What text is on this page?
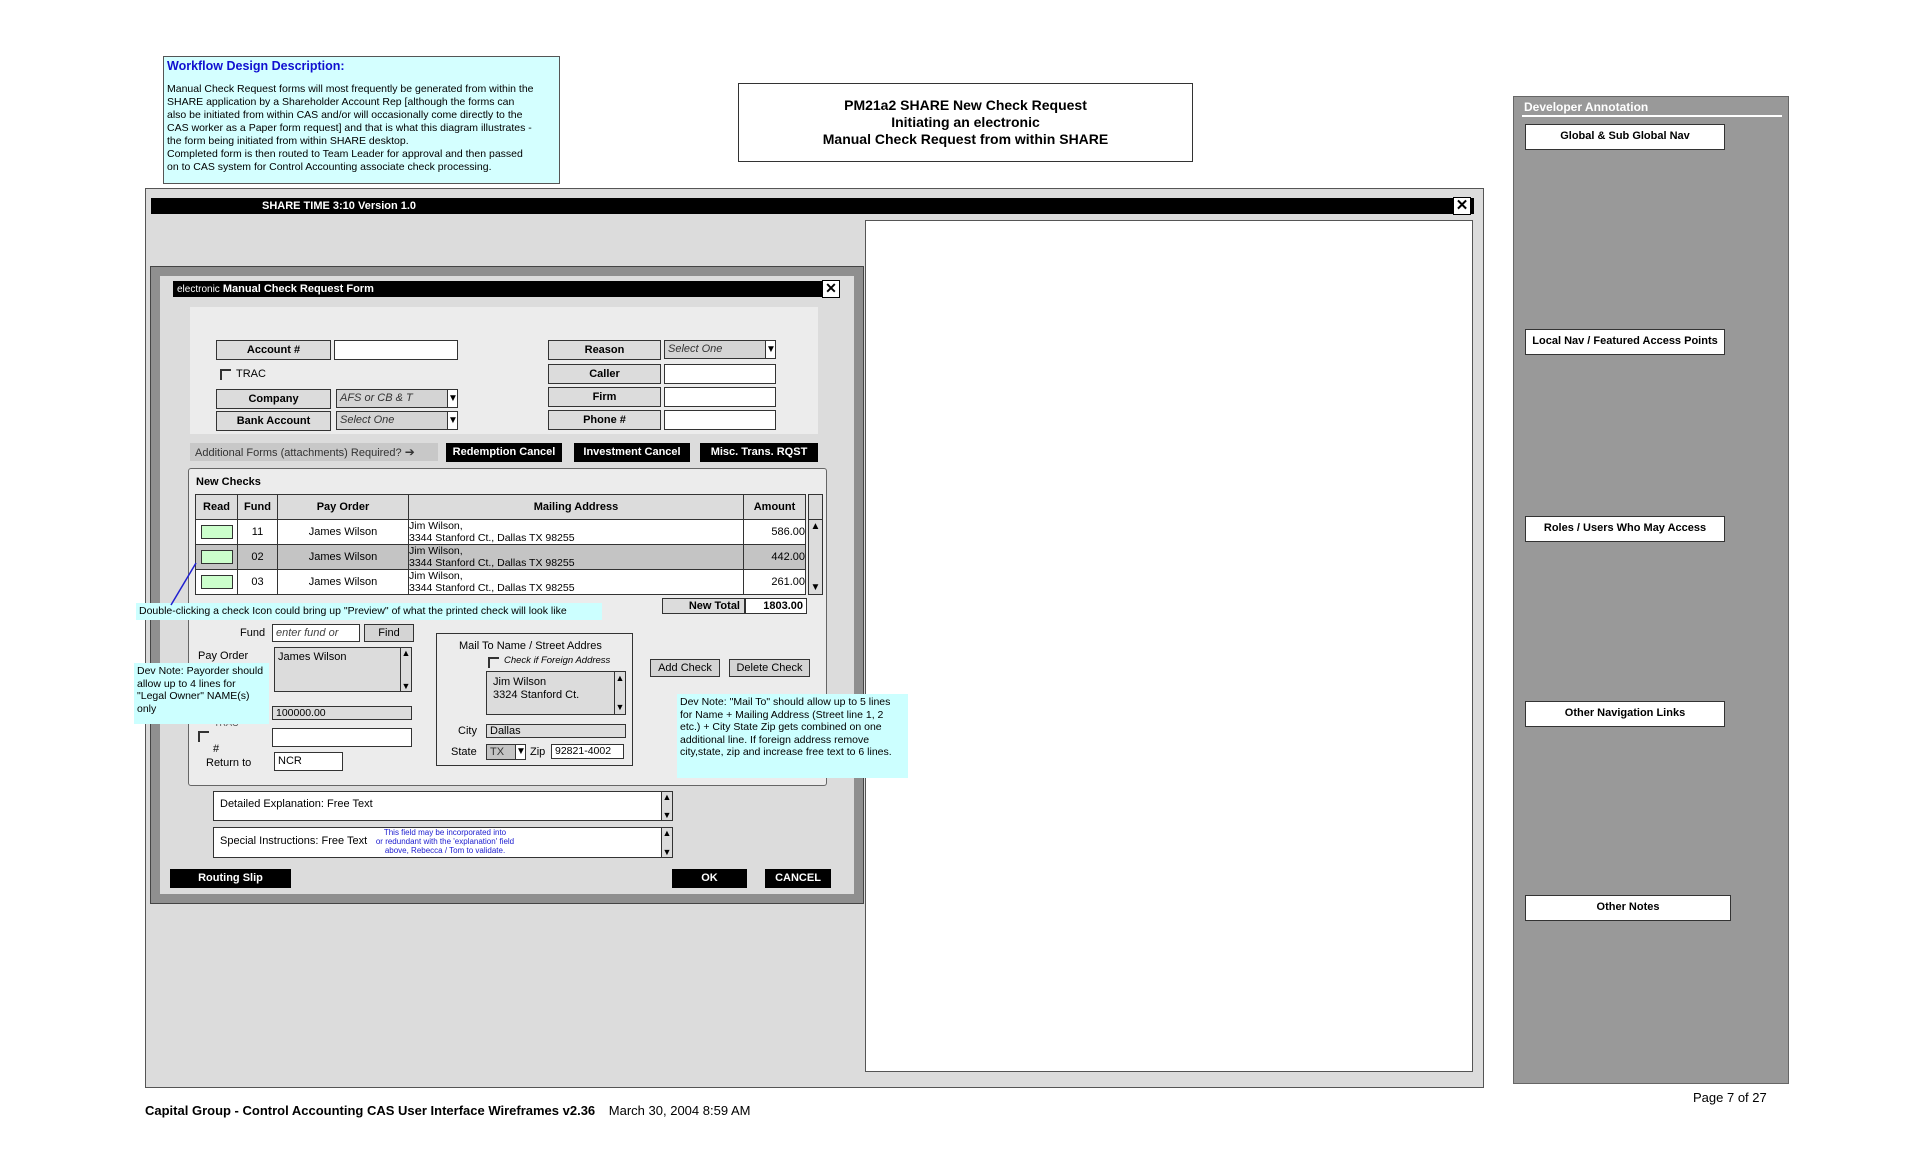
Workflow Design Description:
Manual Check Request forms will most frequently be generated from within the
SHARE application by a Shareholder Account Rep [although the forms can
also be initiated from within CAS and/or will occasionally come directly to the
CAS worker as a Paper form request] and that is what this diagram illustrates -
the form being initiated from within SHARE desktop.
Completed form is then routed to Team Leader for approval and then passed
on to CAS system for Control Accounting associate check processing.
PM21a2 SHARE New Check Request
Initiating an electronic
Manual Check Request from within SHARE
Developer Annotation
Global & Sub Global Nav
Local Nav / Featured Access Points
Roles / Users Who May Access
Other Navigation Links
Other Notes
SHARE TIME 3:10 Version 1.0	✕
electronic Manual Check Request Form	✕
Account #
TRAC
Company	AFS or CB & T	▼
Bank Account	Select One	▼
Reason	Select One	▼
Caller
Firm
Phone #
Additional Forms (attachments) Required? ➔	Redemption Cancel	Investment Cancel	Misc. Trans. RQST
New Checks
Read	Fund	Pay Order	Mailing Address	Amount

	11	James Wilson	Jim Wilson,
3344 Stanford Ct., Dallas TX 98255	586.00

	02	James Wilson	Jim Wilson,
3344 Stanford Ct., Dallas TX 98255	442.00

	03	James Wilson	Jim Wilson,
3344 Stanford Ct., Dallas TX 98255	261.00
▲
▼
New Total	1803.00
Double-clicking a check Icon could bring up "Preview" of what the printed check will look like
Fund enter fund or	Find
Pay Order	James Wilson	▲
▼
100000.00
#
Return to	NCR
Mail To Name / Street Addres
Check if Foreign Address
Jim Wilson
3324 Stanford Ct.
▲
▼
City	Dallas
State	TX ▼ Zip 92821-4002
Add Check	Delete Check
Dev Note: Payorder should allow up to 4 lines for "Legal Owner" NAME(s) only
Dev Note: "Mail To" should allow up to 5 lines for Name + Mailing Address (Street line 1, 2 etc.) + City State Zip gets combined on one additional line. If foreign address remove city,state, zip and increase free text to 6 lines.
Detailed Explanation: Free Text
▲
▼
Special Instructions: Free Text
▲
▼
This field may be incorporated into
or redundant with the 'explanation' field
above, Rebecca / Tom to validate.
Routing Slip	OK	CANCEL
Capital Group - Control Accounting CAS User Interface Wireframes v2.36 March 30, 2004 8:59 AM
Page 7 of 27
